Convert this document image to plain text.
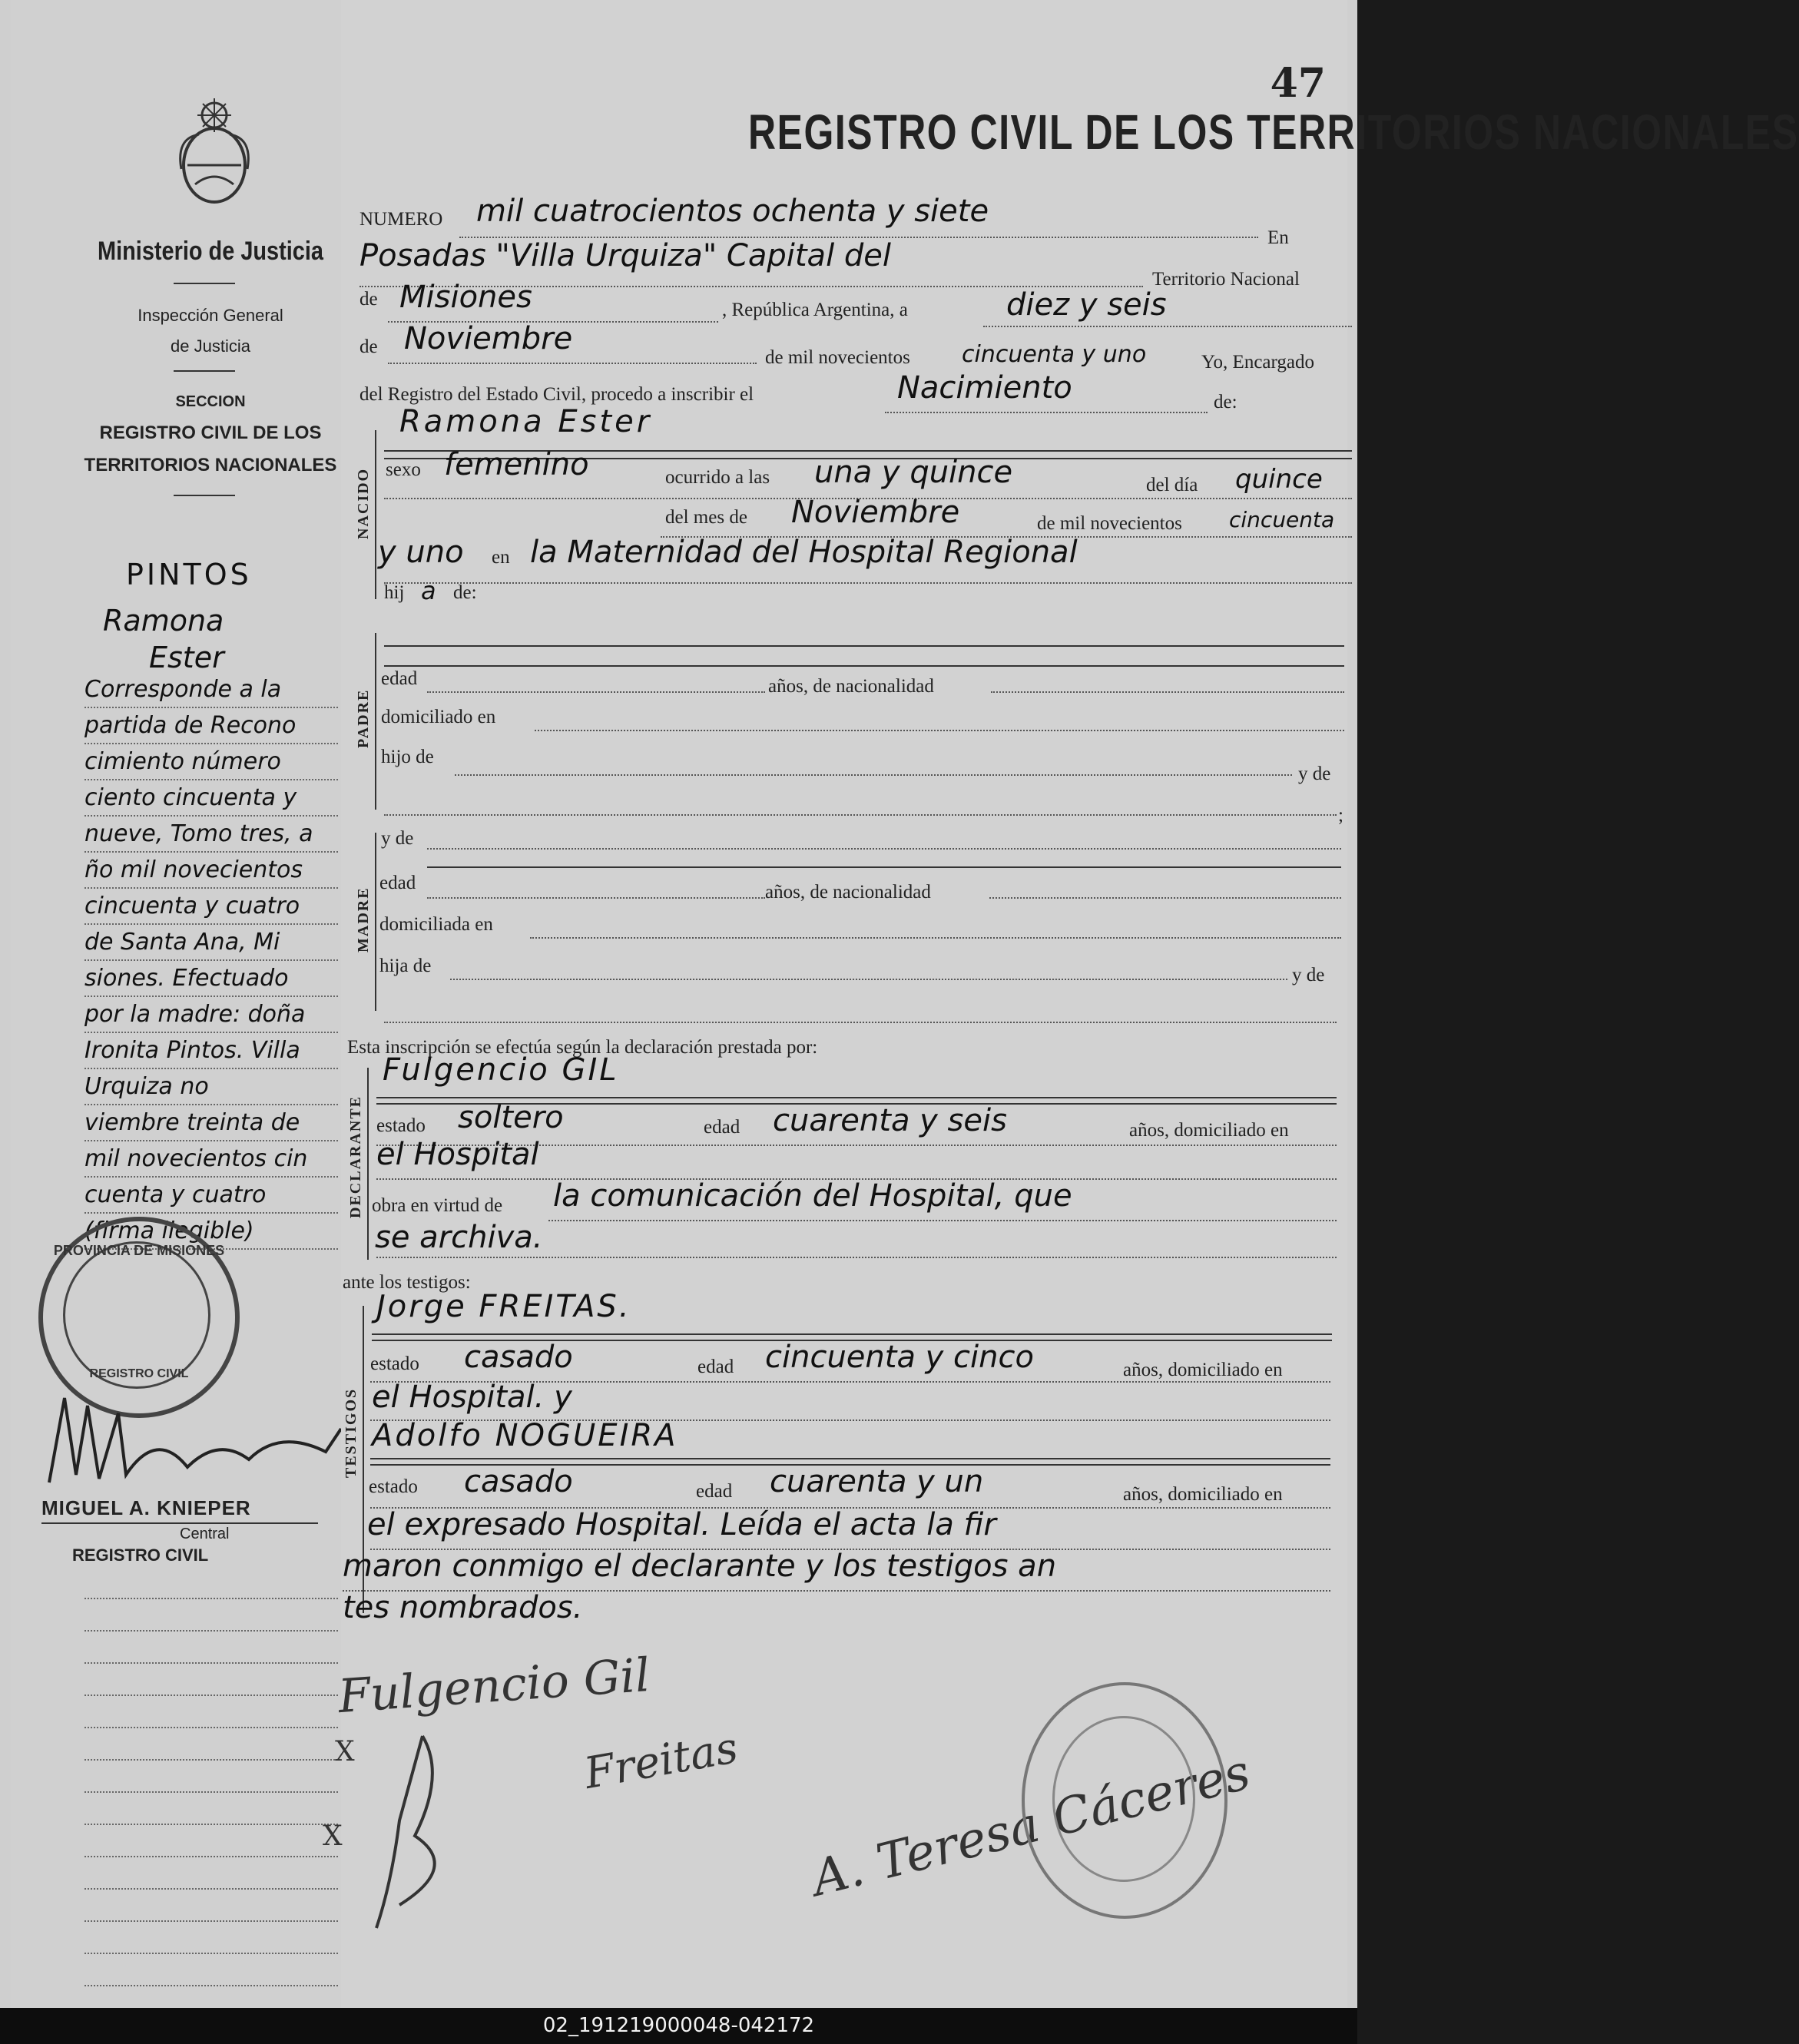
Ministerio de Justicia
Inspección General
de Justicia
SECCION
REGISTRO CIVIL DE LOS
TERRITORIOS NACIONALES
PINTOS
Ramona
Ester
Corresponde a la
partida de Recono
cimiento número
ciento cincuenta y
nueve, Tomo tres, a
ño mil novecientos
cincuenta y cuatro
de Santa Ana, Mi
siones. Efectuado
por la madre: doña
Ironita Pintos. Villa
Urquiza no
viembre treinta de
mil novecientos cin
cuenta y cuatro
(firma ilegible)
PROVINCIA DE MISIONES
REGISTRO CIVIL
MIGUEL A. KNIEPER
Central
REGISTRO CIVIL
47
REGISTRO CIVIL DE LOS TERRITORIOS NACIONALES
NUMERO mil cuatrocientos ochenta y siete
En
Posadas "Villa Urquiza" Capital del
Territorio Nacional
de Misiones	, República Argentina, a	diez y seis
de Noviembre
de mil novecientos cincuenta y uno	Yo, Encargado
del Registro del Estado Civil, procedo a inscribir el	Nacimiento	de:
NACIDO
Ramona Ester
sexo femenino	ocurrido a las una y quince	del día quince
del mes de Noviembre	de mil novecientos cincuenta
y uno en la Maternidad del Hospital Regional
hij a de:
PADRE
edad	años, de nacionalidad
domiciliado en
hijo de
y de
;
MADRE
y de
edad	años, de nacionalidad
domiciliada en
hija de	y de
Esta inscripción se efectúa según la declaración prestada por:
DECLARANTE
Fulgencio GIL
estado soltero	edad cuarenta y seis	años, domiciliado en
el Hospital
obra en virtud de la comunicación del Hospital, que
se archiva.
ante los testigos:
TESTIGOS
Jorge FREITAS.
estado casado	edad cincuenta y cinco	años, domiciliado en
el Hospital. y
Adolfo NOGUEIRA
estado casado	edad cuarenta y un	años, domiciliado en
el expresado Hospital. Leída el acta la fir
maron conmigo el declarante y los testigos an
tes nombrados.
Fulgencio Gil
Freitas A. Teresa Cáceres
X
X
02_191219000048-042172
